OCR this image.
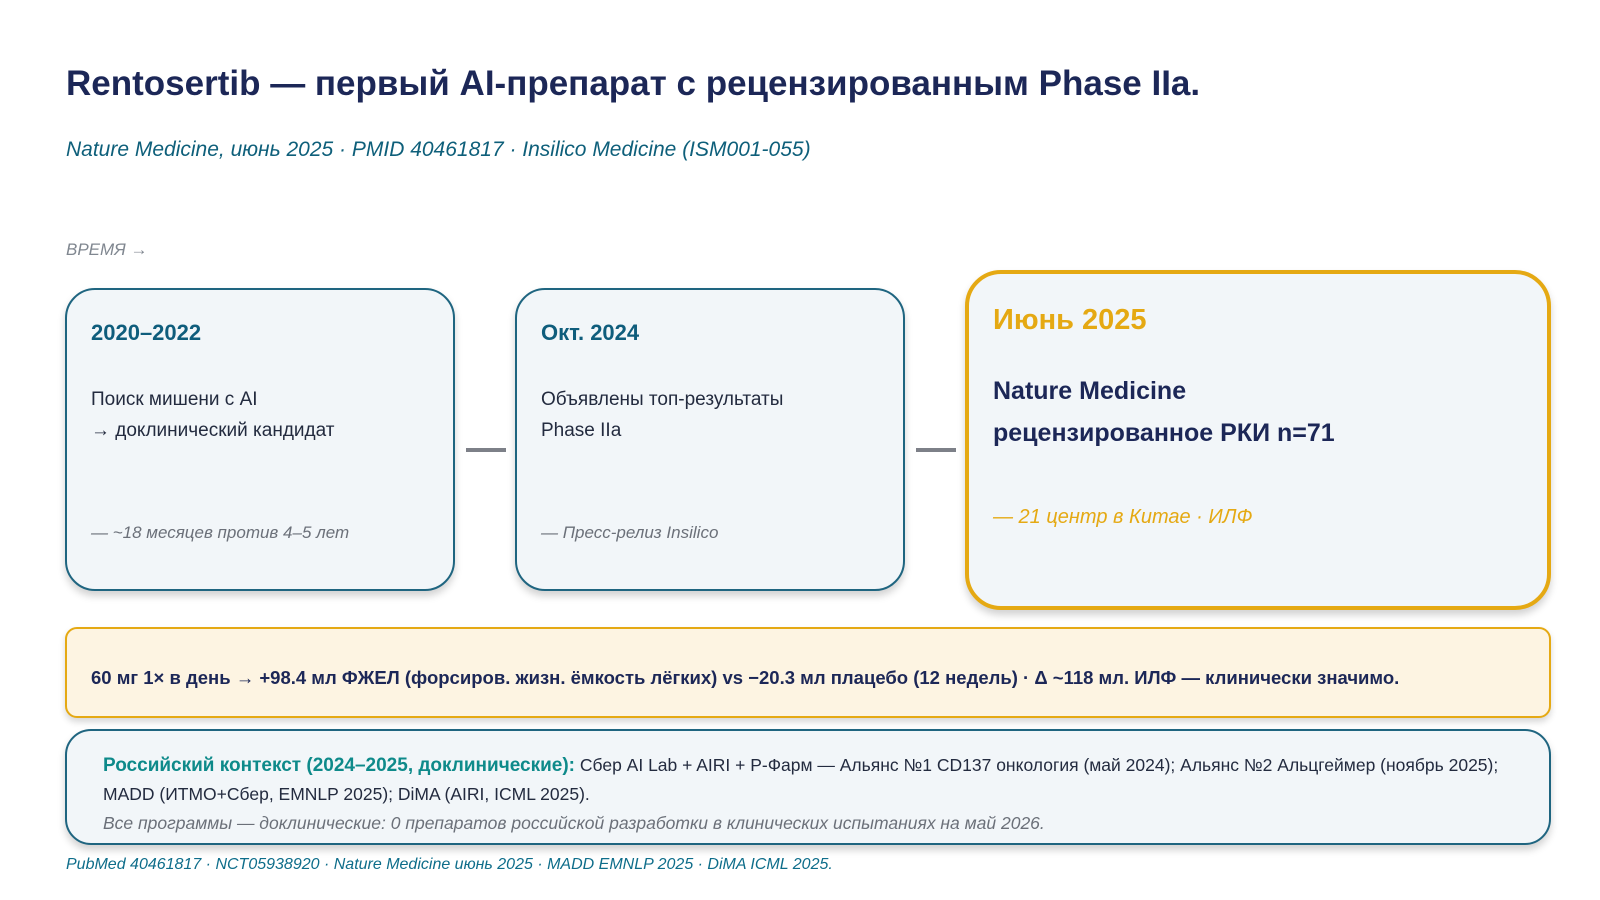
Rentosertib — первый AI-препарат с рецензированным Phase IIa.
Nature Medicine, июнь 2025 · PMID 40461817 · Insilico Medicine (ISM001-055)
ВРЕМЯ →
2020–2022
Поиск мишени с AI
→ доклинический кандидат
— ~18 месяцев против 4–5 лет
Окт. 2024
Объявлены топ-результаты
Phase IIa
— Пресс-релиз Insilico
Июнь 2025
Nature Medicine
рецензированное РКИ n=71
— 21 центр в Китае · ИЛФ
60 мг 1× в день → +98.4 мл ФЖЕЛ (форсиров. жизн. ёмкость лёгких) vs −20.3 мл плацебо (12 недель) · Δ ~118 мл. ИЛФ — клинически значимо.
Российский контекст (2024–2025, доклинические): Сбер AI Lab + AIRI + Р-Фарм — Альянс №1 CD137 онкология (май 2024); Альянс №2 Альцгеймер (ноябрь 2025); MADD (ИТМО+Сбер, EMNLP 2025); DiMA (AIRI, ICML 2025).
Все программы — доклинические: 0 препаратов российской разработки в клинических испытаниях на май 2026.
PubMed 40461817 · NCT05938920 · Nature Medicine июнь 2025 · MADD EMNLP 2025 · DiMA ICML 2025.
